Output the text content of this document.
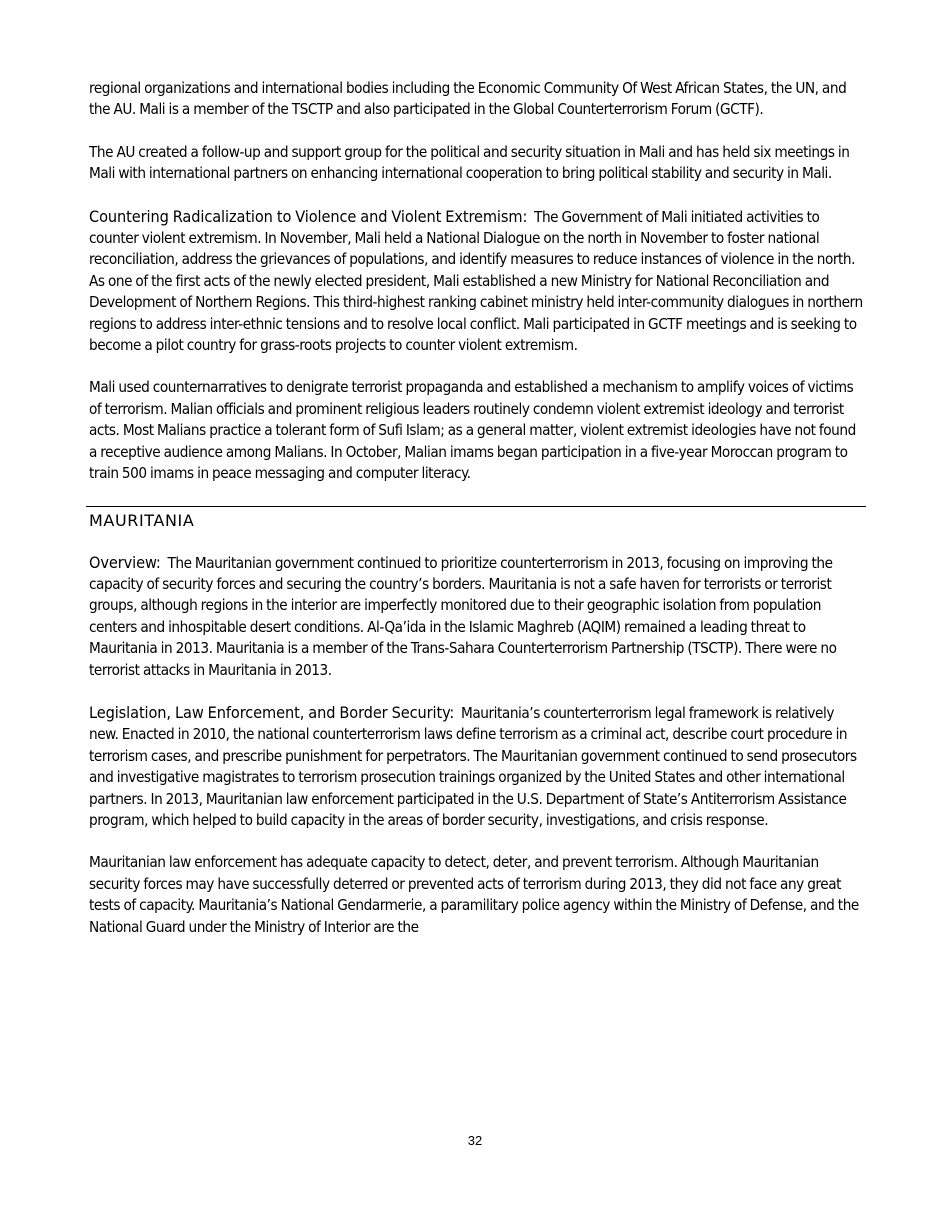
regional organizations and international bodies including the Economic Community Of West African States, the UN, and the AU. Mali is a member of the TSCTP and also participated in the Global Counterterrorism Forum (GCTF).

The AU created a follow-up and support group for the political and security situation in Mali and has held six meetings in Mali with international partners on enhancing international cooperation to bring political stability and security in Mali.

Countering Radicalization to Violence and Violent Extremism: The Government of Mali initiated activities to counter violent extremism. In November, Mali held a National Dialogue on the north in November to foster national reconciliation, address the grievances of populations, and identify measures to reduce instances of violence in the north. As one of the first acts of the newly elected president, Mali established a new Ministry for National Reconciliation and Development of Northern Regions. This third-highest ranking cabinet ministry held inter-community dialogues in northern regions to address inter-ethnic tensions and to resolve local conflict. Mali participated in GCTF meetings and is seeking to become a pilot country for grass-roots projects to counter violent extremism.

Mali used counternarratives to denigrate terrorist propaganda and established a mechanism to amplify voices of victims of terrorism. Malian officials and prominent religious leaders routinely condemn violent extremist ideology and terrorist acts. Most Malians practice a tolerant form of Sufi Islam; as a general matter, violent extremist ideologies have not found a receptive audience among Malians. In October, Malian imams began participation in a five-year Moroccan program to train 500 imams in peace messaging and computer literacy.

MAURITANIA

Overview: The Mauritanian government continued to prioritize counterterrorism in 2013, focusing on improving the capacity of security forces and securing the country’s borders. Mauritania is not a safe haven for terrorists or terrorist groups, although regions in the interior are imperfectly monitored due to their geographic isolation from population centers and inhospitable desert conditions. Al-Qa’ida in the Islamic Maghreb (AQIM) remained a leading threat to Mauritania in 2013. Mauritania is a member of the Trans-Sahara Counterterrorism Partnership (TSCTP). There were no terrorist attacks in Mauritania in 2013.

Legislation, Law Enforcement, and Border Security: Mauritania’s counterterrorism legal framework is relatively new. Enacted in 2010, the national counterterrorism laws define terrorism as a criminal act, describe court procedure in terrorism cases, and prescribe punishment for perpetrators. The Mauritanian government continued to send prosecutors and investigative magistrates to terrorism prosecution trainings organized by the United States and other international partners. In 2013, Mauritanian law enforcement participated in the U.S. Department of State’s Antiterrorism Assistance program, which helped to build capacity in the areas of border security, investigations, and crisis response.

Mauritanian law enforcement has adequate capacity to detect, deter, and prevent terrorism. Although Mauritanian security forces may have successfully deterred or prevented acts of terrorism during 2013, they did not face any great tests of capacity. Mauritania’s National Gendarmerie, a paramilitary police agency within the Ministry of Defense, and the National Guard under the Ministry of Interior are the

32
